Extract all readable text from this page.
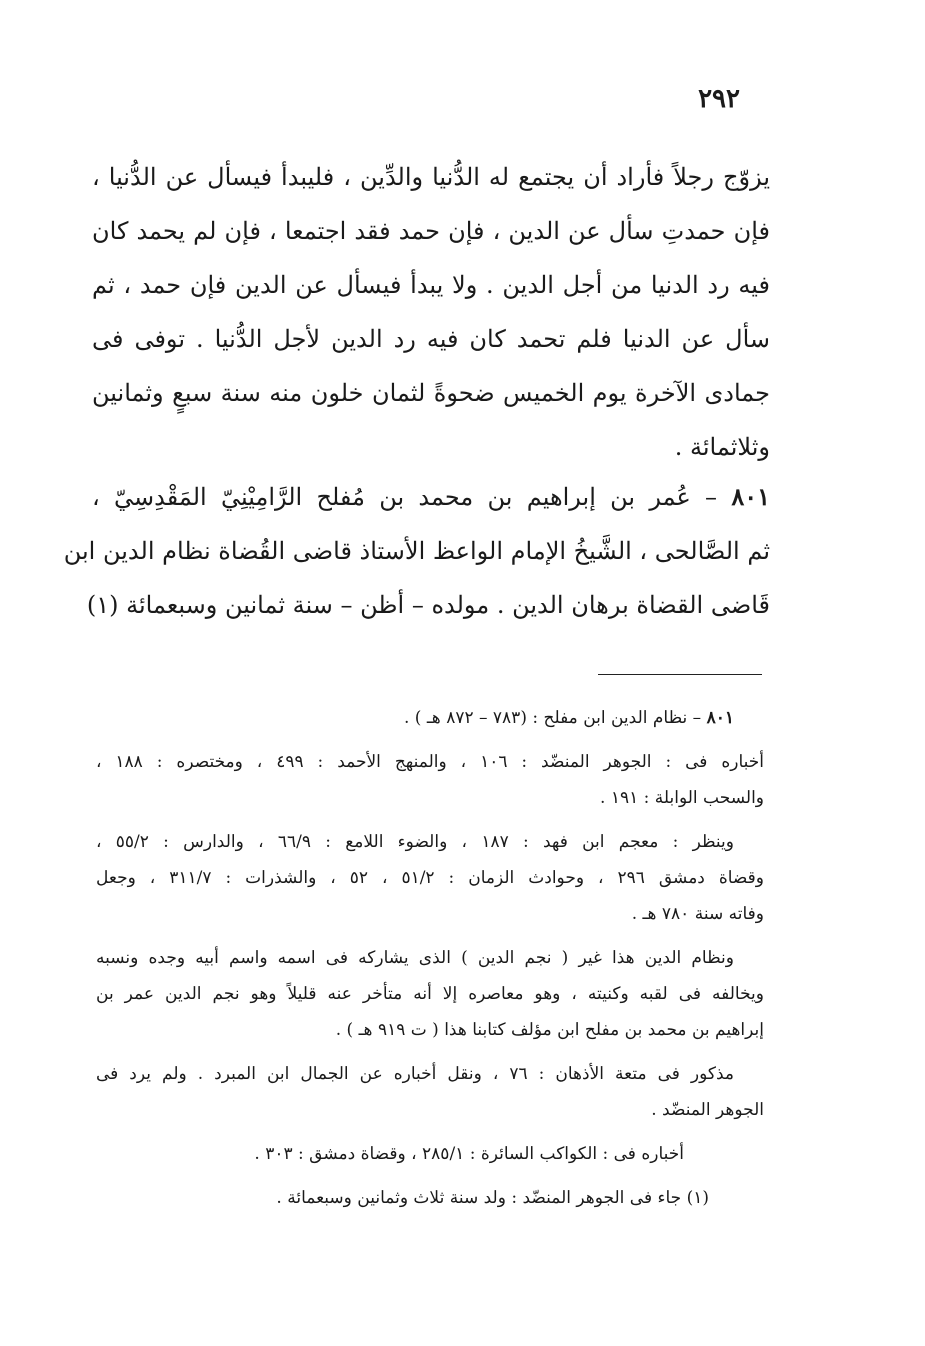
٢٩٢
يزوّج رجلاً فأراد أن يجتمع له الدُّنيا والدِّين ، فليبدأ فيسأل عن الدُّنيا ،
فإن حمدتِ سأل عن الدين ، فإن حمد فقد اجتمعا ، فإن لم يحمد كان
فيه رد الدنيا من أجل الدين . ولا يبدأ فيسأل عن الدين فإن حمد ، ثم
سأل عن الدنيا فلم تحمد كان فيه رد الدين لأجل الدُّنيا . توفى فى
جمادى الآخرة يوم الخميس ضحوةً لثمان خلون منه سنة سبعٍ وثمانين
وثلاثمائة .
٨٠١ – عُمر بن إبراهيم بن محمد بن مُفلح الرَّامِيْنِيّ المَقْدِسِيّ ،
ثم الصَّالحى ، الشَّيخُ الإمام الواعظ الأستاذ قاضى القُضاة نظام الدين ابن
قَاضى القضاة برهان الدين . مولده – أظن – سنة ثمانين وسبعمائة (١)
٨٠١ – نظام الدين ابن مفلح : (٧٨٣ – ٨٧٢ هـ ) .
أخباره فى : الجوهر المنضّد : ١٠٦ ، والمنهج الأحمد : ٤٩٩ ، ومختصره : ١٨٨ ،
والسحب الوابلة : ١٩١ .
وينظر : معجم ابن فهد : ١٨٧ ، والضوء اللامع : ٦٦/٩ ، والدارس : ٥٥/٢ ،
وقضاة دمشق ٢٩٦ ، وحوادث الزمان : ٥١/٢ ، ٥٢ ، والشذرات : ٣١١/٧ ، وجعل
وفاته سنة ٧٨٠ هـ .
ونظام الدين هذا غير ( نجم الدين ) الذى يشاركه فى اسمه واسم أبيه وجده ونسبه
ويخالفه فى لقبه وكنيته ، وهو معاصره إلا أنه متأخر عنه قليلاً وهو نجم الدين عمر بن
إبراهيم بن محمد بن مفلح ابن مؤلف كتابنا هذا ( ت ٩١٩ هـ ) .
مذكور فى متعة الأذهان : ٧٦ ، ونقل أخباره عن الجمال ابن المبرد . ولم يرد فى
الجوهر المنضّد .
أخباره فى : الكواكب السائرة : ٢٨٥/١ ، وقضاة دمشق : ٣٠٣ .
(١) جاء فى الجوهر المنضّد : ولد سنة ثلاث وثمانين وسبعمائة .
